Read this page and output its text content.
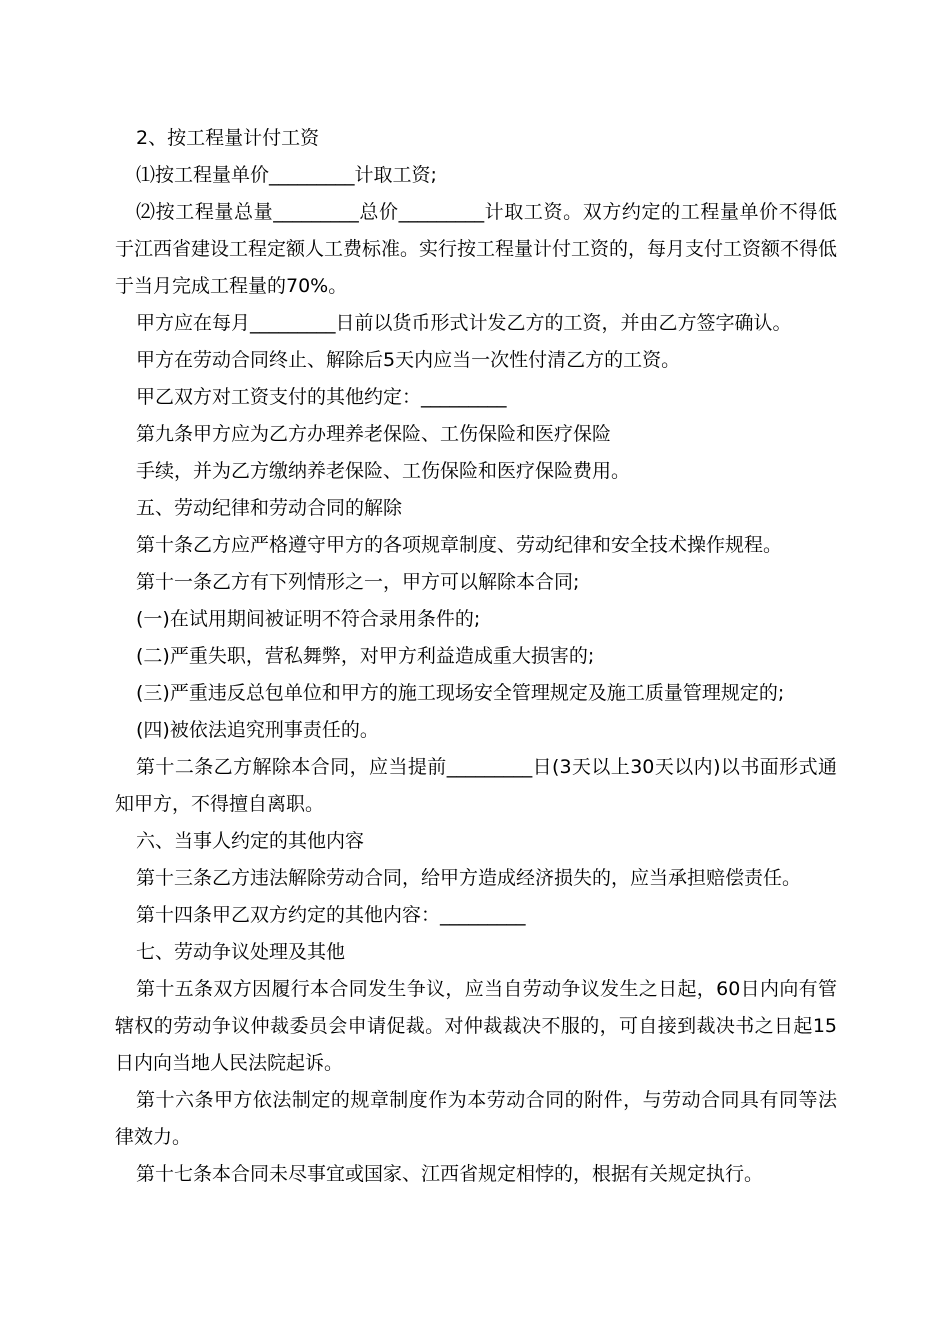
2、按工程量计付工资

⑴按工程量单价_________计取工资;

⑵按工程量总量_________总价_________计取工资。双方约定的工程量单价不得低于江西省建设工程定额人工费标准。实行按工程量计付工资的，每月支付工资额不得低于当月完成工程量的70%。

甲方应在每月_________日前以货币形式计发乙方的工资，并由乙方签字确认。

甲方在劳动合同终止、解除后5天内应当一次性付清乙方的工资。

甲乙双方对工资支付的其他约定：_________

第九条甲方应为乙方办理养老保险、工伤保险和医疗保险

手续，并为乙方缴纳养老保险、工伤保险和医疗保险费用。

五、劳动纪律和劳动合同的解除

第十条乙方应严格遵守甲方的各项规章制度、劳动纪律和安全技术操作规程。

第十一条乙方有下列情形之一，甲方可以解除本合同;

(一)在试用期间被证明不符合录用条件的;

(二)严重失职，营私舞弊，对甲方利益造成重大损害的;

(三)严重违反总包单位和甲方的施工现场安全管理规定及施工质量管理规定的;

(四)被依法追究刑事责任的。

第十二条乙方解除本合同，应当提前_________日(3天以上30天以内)以书面形式通知甲方，不得擅自离职。

六、当事人约定的其他内容

第十三条乙方违法解除劳动合同，给甲方造成经济损失的，应当承担赔偿责任。

第十四条甲乙双方约定的其他内容：_________

七、劳动争议处理及其他

第十五条双方因履行本合同发生争议，应当自劳动争议发生之日起，60日内向有管辖权的劳动争议仲裁委员会申请促裁。对仲裁裁决不服的，可自接到裁决书之日起15日内向当地人民法院起诉。

第十六条甲方依法制定的规章制度作为本劳动合同的附件，与劳动合同具有同等法律效力。

第十七条本合同未尽事宜或国家、江西省规定相悖的，根据有关规定执行。
